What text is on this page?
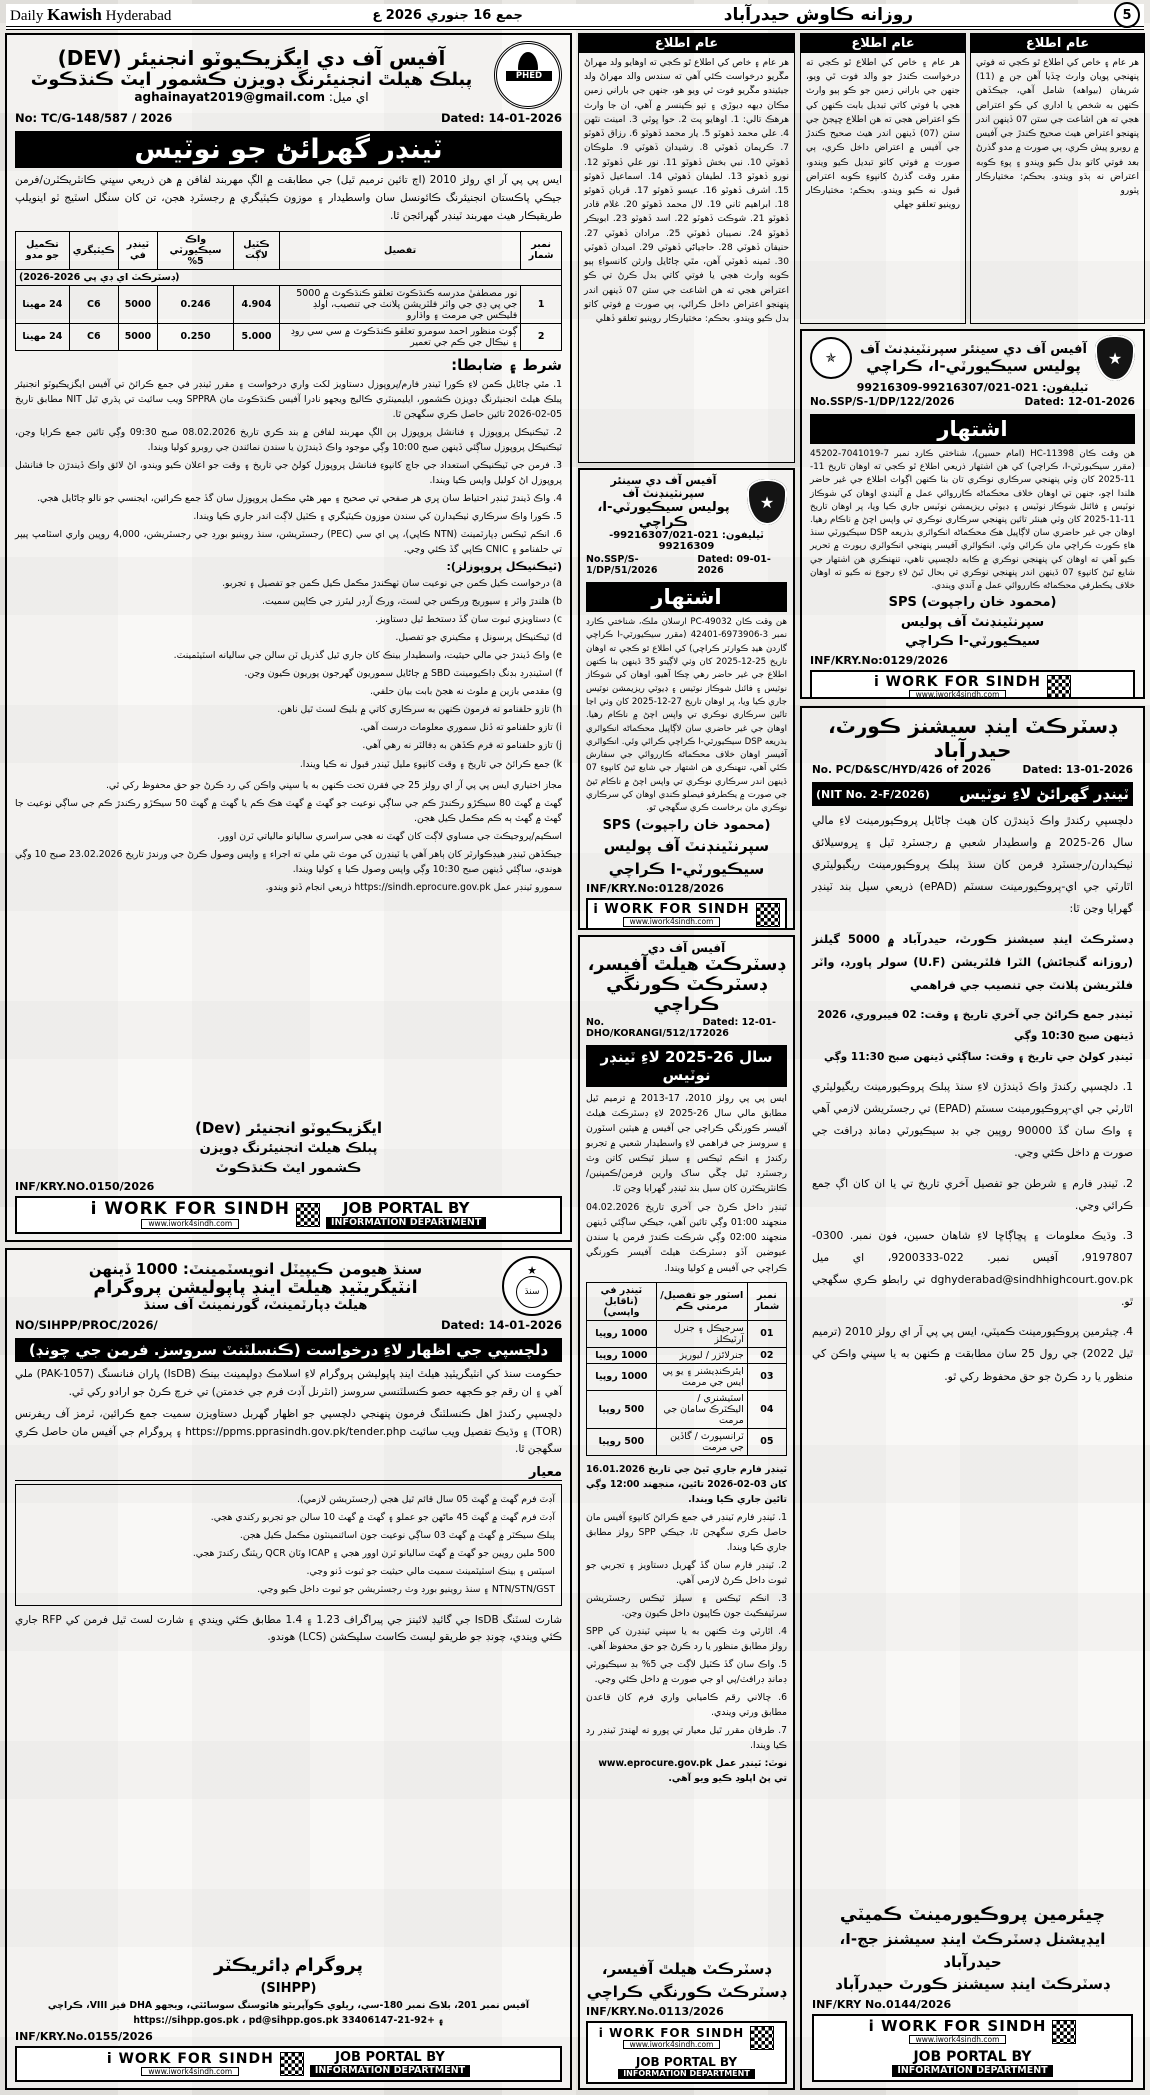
Daily Kawish Hyderabad	جمع 16 جنوري 2026 ع	روزانه ڪاوش حيدرآباد	5
PHED
آفيس آف دي ايگزيڪيوٽو انجنيئر (DEV)
پبلڪ هيلٿ انجنيئرنگ ڊويزن ڪشمور ايٽ ڪنڌڪوٽ
اي ميل: aghainayat2019@gmail.com
No: TC/G-148/587 / 2026	Dated: 14-01-2026
ٽينڊر گهرائڻ جو نوٽيس
ايس پي پي آر اي رولز 2010 (اڄ تائين ترميم ٿيل) جي مطابقت ۾ الڳ مهربند لفافن ۾ هن ذريعي سڀني ڪانٽريڪٽرن/فرمن جيڪي پاڪستان انجنيئرنگ ڪائونسل سان واسطيدار ۽ موزون ڪيٽيگري ۾ رجسٽرڊ هجن، تن کان سنگل اسٽيج ٽو اينويلپ طريقيڪار هيٺ مهربند ٽينڊر گهرائجن ٿا.
نمبر شمار	تفصيل	ڪٽيل لاڳت	واڪ سيڪيورٽي 5%	ٽينڊر في	ڪيٽيگري	تڪميل جو مدو
(ڊسٽرڪٽ اي ڊي پي 2026-2026)						
1	نور مصطفيٰ مدرسه ڪنڌڪوٽ تعلقو ڪنڌڪوٽ ۾ 5000 جي پي ڊي جي واٽر فلٽريشن پلانٽ جي تنصيب، اولڊ فليڪس جي مرمت ۽ واڌارو	4.904	0.246	5000	C6	24 مهينا
2	ڳوٺ منظور احمد سومرو تعلقو ڪنڌڪوٽ ۾ سي سي روڊ ۽ نيڪال جي ڪم جي تعمير	5.000	0.250	5000	C6	24 مهينا
شرط ۽ ضابطا:
1. مٿي ڄاڻايل ڪمن لاءِ ڪورا ٽينڊر فارم/پروپوزل دستاويز لکت واري درخواست ۽ مقرر ٽينڊر في جمع ڪرائڻ تي آفيس ايگزيڪيوٽو انجنيئر پبلڪ هيلٿ انجنيئرنگ ڊويزن ڪشمور، ايليمينٽري ڪاليج ويجهو نادرا آفيس ڪنڌڪوٽ مان SPPRA ويب سائيٽ تي پڌري ٿيل NIT مطابق تاريخ 05-02-2026 تائين حاصل ڪري سگهجن ٿا.
2. ٽيڪنيڪل پروپوزل ۽ فنانشل پروپوزل ٻن الڳ مهربند لفافن ۾ بند ڪري تاريخ 08.02.2026 صبح 09:30 وڳي تائين جمع ڪرايا وڃن، ٽيڪنيڪل پروپوزل ساڳئي ڏينهن صبح 10:00 وڳي موجود واڪ ڏيندڙن يا سندن نمائندن جي روبرو کوليا ويندا.
3. فرمن جي ٽيڪنيڪي استعداد جي جاچ کانپوءِ فنانشل پروپوزل کولڻ جي تاريخ ۽ وقت جو اعلان ڪيو ويندو، اڻ لائق واڪ ڏيندڙن جا فنانشل پروپوزل اڻ کوليل واپس ڪيا ويندا.
4. واڪ ڏيندڙ ٽينڊر احتياط سان ڀري هر صفحي تي صحيح ۽ مهر هڻي مڪمل پروپوزل سان گڏ جمع ڪرائين، ايجنسي جو نالو ڄاڻايل هجي.
5. ڪورا واڪ سرڪاري ٺيڪيدارن کي سندن موزون ڪيٽيگري ۽ ڪٽيل لاڳت اندر جاري ڪيا ويندا.
6. انڪم ٽيڪس ڊپارٽمينٽ (NTN ڪاپي)، پي اي سي (PEC) رجسٽريشن، سنڌ روينيو بورڊ جي رجسٽريشن، 4,000 روپين واري اسٽامپ پيپر تي حلفنامو ۽ CNIC ڪاپي گڏ ڪئي وڃي.
(ٽيڪنيڪل پروپوزلز):
a) درخواست ڪيل ڪمن جي نوعيت سان ٺهڪندڙ مڪمل ڪيل ڪمن جو تفصيل ۽ تجربو.
b) هلندڙ واٽر ۽ سيوريج ورڪس جي لسٽ، ورڪ آرڊر ليٽرز جي ڪاپين سميت.
c) دستاويزي ثبوت سان گڏ دستخط ٿيل دستاويز.
d) ٽيڪنيڪل پرسونل ۽ مڪينري جو تفصيل.
e) واڪ ڏيندڙ جي مالي حيثيت، واسطيدار بينڪ کان جاري ٿيل گذريل ٽن سالن جي ساليانه اسٽيٽمينٽ.
f) اسٽينڊرڊ بڊنگ ڊاڪيومينٽ SBD ۾ ڄاڻايل سموريون گهرجون پوريون ڪيون وڃن.
g) مقدمي بازين ۾ ملوث نه هجڻ بابت بيان حلفي.
h) تازو حلفنامو ته فرمون ڪنهن به سرڪاري کاتي ۾ بليڪ لسٽ ٿيل ناهن.
i) تازو حلفنامو ته ڏنل سموري معلومات درست آهي.
j) تازو حلفنامو ته فرم ڪڏهن به ڊفالٽر نه رهي آهي.
k) جمع ڪرائڻ جي تاريخ ۽ وقت کانپوءِ مليل ٽينڊر قبول نه ڪيا ويندا.
مجاز اختياري ايس پي پي آر اي رولز 25 جي فقرن تحت ڪنهن به يا سڀني واڪن کي رد ڪرڻ جو حق محفوظ رکي ٿي.
گهٽ ۾ گهٽ 80 سيڪڙو رڪندڙ ڪم جي ساڳي نوعيت جو گهٽ ۾ گهٽ هڪ ڪم يا گهٽ ۾ گهٽ 50 سيڪڙو رڪندڙ ڪم جي ساڳي نوعيت جا گهٽ ۾ گهٽ ٻه ڪم مڪمل ڪيل هجن.
اسڪيم/پروجيڪٽ جي مساوي لاڳت کان گهٽ نه هجي سراسري ساليانو مالياتي ٽرن اوور.
جيڪڏهن ٽينڊر هيڊڪوارٽر کان ٻاهر آهي يا ٽينڊرن کي موٽ نٿي ملي ته اجراء ۽ واپس وصول ڪرڻ جي ورندڙ تاريخ 23.02.2026 صبح 10 وڳي هوندي، ساڳئي ڏينهن صبح 10:30 وڳي واپس وصول ڪيا ۽ کوليا ويندا.
سمورو ٽينڊر عمل https://sindh.eprocure.gov.pk ذريعي انجام ڏنو ويندو.
ايگزيڪيوٽو انجنيئر (Dev)
پبلڪ هيلٿ انجنيئرنگ ڊويزن
ڪشمور ايٽ ڪنڌڪوٽ
INF/KRY.NO.0150/2026
i WORK FOR SINDH
www.iwork4sindh.com
JOB PORTAL BY
INFORMATION DEPARTMENT
عام اطلاع
هر عام ۽ خاص کي اطلاع ٿو ڪجي ته اوهايو ولد مهراڻ مڱريو درخواست ڪئي آهي ته سندس والد مهراڻ ولد جيئيندو مڱريو فوت ٿي ويو هو، جنهن جي باراني زمين مڪان ڊيهه ڊيوڙي ۽ تپو ڪينسر ۾ آهي، ان جا وارث هرهڪ تالي: 1. اوهايو پٽ 2. حوا ڀوٽي 3. امينت نٿهن 4. علي محمد ڏهوٽو 5. يار محمد ڏهوٽو 6. رزاق ڏهوٽو 7. ڪريمان ڏهوٽي 8. رشيدان ڏهوٽي 9. ملوڪان ڏهوٽي 10. نبي بخش ڏهوٽو 11. نور علي ڏهوٽو 12. نورو ڏهوٽو 13. لطيفان ڏهوٽي 14. اسماعيل ڏهوٽو 15. اشرف ڏهوٽو 16. عيسو ڏهوٽو 17. قربان ڏهوٽو 18. ابراهيم ثاني 19. لال محمد ڏهوٽو 20. غلام قادر ڏهوٽو 21. شوڪت ڏهوٽو 22. اسد ڏهوٽو 23. ابوبڪر ڏهوٽو 24. نصيبان ڏهوٽي 25. مرادان ڏهوٽي 27. حنيفان ڏهوٽي 28. حاجياڻي ڏهوٽي 29. اميدان ڏهوٽي 30. ثمينه ڏهوٽي آهن، مٿي ڄاڻايل وارثن کانسواءِ ٻيو ڪوبه وارث هجي يا فوتي کاتي بدل ڪرڻ تي ڪو اعتراض هجي ته هن اشاعت جي ستن 07 ڏينهن اندر پنهنجو اعتراض داخل ڪرائي، ٻي صورت ۾ فوتي کاتو بدل ڪيو ويندو. بحڪم: مختيارڪار روينيو تعلقو ڏهلي
عام اطلاع
هر عام ۽ خاص کي اطلاع ٿو ڪجي ته درخواست ڪندڙ جو والد فوت ٿي ويو، جنهن جي باراني زمين جو ڪو ٻيو وارث هجي يا فوتي کاتي تبديل بابت ڪنهن کي ڪو اعتراض هجي ته هن اطلاع ڇپجڻ جي ستن (07) ڏينهن اندر هيٺ صحيح ڪندڙ جي آفيس ۾ اعتراض داخل ڪري، ٻي صورت ۾ فوتي کاتو تبديل ڪيو ويندو، مقرر وقت گذرڻ کانپوءِ ڪوبه اعتراض قبول نه ڪيو ويندو. بحڪم: مختيارڪار روينيو تعلقو جهلي
عام اطلاع
هر عام ۽ خاص کي اطلاع ٿو ڪجي ته فوتي پنهنجي پويان وارث ڇڏيا آهن جن ۾ (11) شريفان (بيواهه) شامل آهي، جيڪڏهن ڪنهن به شخص يا اداري کي ڪو اعتراض هجي ته هن اشاعت جي ستن 07 ڏينهن اندر پنهنجو اعتراض هيٺ صحيح ڪندڙ جي آفيس ۾ روبرو پيش ڪري، ٻي صورت ۾ مدو گذرڻ بعد فوتي کاتو بدل ڪيو ويندو ۽ پوءِ ڪوبه اعتراض نه ٻڌو ويندو. بحڪم: مختيارڪار پٽورو
★
آفيس آف دي سينئر سپرنٽينڊنٽ آف
پوليس سيڪيورٽي-I، ڪراچي
ٽيليفون: 021-99216307/021-99216309
No.SSP/S-1/DP/51/2026
Dated: 09-01-2026
اشتهار
هن وقت ڪان PC-49032 ارسلان ملڪ، شناختي ڪارڊ نمبر 3-6973906-42401 (مقرر سيڪيورٽي-I ڪراچي گاردن هيڊ ڪوارٽر ڪراچي) کي اطلاع ٿو ڪجي ته اوهان تاريخ 25-12-2025 کان وٺي لاڳيتو 35 ڏينهن بنا ڪنهن اطلاع جي غير حاضر رهي چڪا آهيو، اوهان کي شوڪاز نوٽيس ۽ فائنل شوڪاز نوٽيس ۽ ڊيوٽي ريزيمشن نوٽيس جاري ڪيا ويا، پر اوهان تاريخ 27-12-2025 کان وٺي اڃا تائين سرڪاري نوڪري تي واپس اچڻ ۾ ناڪام رهيا. اوهان جي غير حاضري سان لاڳاپيل محڪماڻه انڪوائري بذريعه DSP سيڪيورٽي-I ڪراچي ڪرائي وئي. انڪوائري آفيسر اوهان خلاف محڪماڻه ڪارروائي جي سفارش ڪئي آهي، تنهنڪري هن اشتهار جي شايع ٿيڻ کانپوءِ 07 ڏينهن اندر سرڪاري نوڪري تي واپس اچڻ ۾ ناڪام ٿيڻ جي صورت ۾ يڪطرفو فيصلو ڪندي اوهان کي سرڪاري نوڪري مان برخاست ڪري سگهجي ٿو.
(محمود خان راجپوت) SPS
سپرنٽينڊنٽ آف پوليس
سيڪيورٽي-I ڪراچي
INF/KRY.No:0128/2026
i WORK FOR SINDH
www.iwork4sindh.com
★
آفيس آف دي سينئر سپرنٽينڊنٽ آف
پوليس سيڪيورٽي-I، ڪراچي
✯
ٽيليفون: 021-99216307/021-99216309
No.SSP/S-1/DP/122/2026	Dated: 12-01-2026
اشتهار
هن وقت ڪان HC-11398 (امام حسين)، شناختي ڪارڊ نمبر 7-7041019-45202 (مقرر سيڪيورٽي-I، ڪراچي) کي هن اشتهار ذريعي اطلاع ٿو ڪجي ته اوهان تاريخ 11-11-2025 کان وٺي پنهنجي سرڪاري نوڪري تان بنا ڪنهن اڳواٽ اطلاع جي غير حاضر هلندا اچو، جنهن تي اوهان خلاف محڪماڻه ڪارروائي عمل ۾ آئيندي اوهان کي شوڪاز نوٽيس ۽ فائنل شوڪاز نوٽيس ۽ ڊيوٽي ريزيمشن نوٽيس جاري ڪيا ويا، پر اوهان تاريخ 11-11-2025 کان وٺي هينئر تائين پنهنجي سرڪاري نوڪري تي واپس اچڻ ۾ ناڪام رهيا. اوهان جي غير حاضري سان لاڳاپيل هڪ محڪماڻه انڪوائري بذريعه DSP سيڪيورٽي سنڌ هاءِ ڪورٽ ڪراچي مان ڪرائي وئي. انڪوائري آفيسر پنهنجي انڪوائري رپورٽ ۾ تحرير ڪيو آهي ته اوهان کي پنهنجي نوڪري ۾ ڪابه دلچسپي ناهي، تنهنڪري هن اشتهار جي شايع ٿيڻ کانپوءِ 07 ڏينهن اندر پنهنجي نوڪري تي بحال ٿيڻ لاءِ رجوع نه ڪيو ته اوهان خلاف يڪطرفي محڪماڻه ڪارروائي عمل ۾ آندي ويندي.
(محمود خان راجپوت) SPS
سپرنٽينڊنٽ آف پوليس
سيڪيورٽي-I ڪراچي
INF/KRY.No:0129/2026
i WORK FOR SINDH
www.iwork4sindh.com
آفيس آف دي
ڊسٽرڪٽ هيلٿ آفيسر،
ڊسٽرڪٽ ڪورنگي ڪراچي
No. DHO/KORANGI/512/17
Dated: 12-01-2026
سال 26-2025 لاءِ ٽينڊر نوٽيس
ايس پي پي رولز 2010، 17-2013 ۾ ترميم ٿيل مطابق مالي سال 26-2025 لاءِ ڊسٽرڪٽ هيلٿ آفيسر ڪورنگي ڪراچي جي آفيس ۾ هيٺين اسٽورن ۽ سروسز جي فراهمي لاءِ واسطيدار شعبي ۾ تجربو رکندڙ ۽ انڪم ٽيڪس ۽ سيلز ٽيڪس کاتن وٽ رجسٽرڊ ٿيل چڱي ساک وارين فرمن/ڪمپنين/ڪانٽريڪٽرن کان سيل بند ٽينڊر گهرايا وڃن ٿا.
ٽينڊر داخل ڪرڻ جي آخري تاريخ 04.02.2026 منجهند 01:00 وڳي تائين آهي، جيڪي ساڳئي ڏينهن منجهند 02:00 وڳي شرڪت ڪندڙ فرمن يا سندن عيوضين آڏو ڊسٽرڪٽ هيلٿ آفيسر ڪورنگي ڪراچي جي آفيس ۾ کوليا ويندا.
نمبر شمار	اسٽور جو تفصيل/مرمتي ڪم	ٽينڊر في (ناقابل واپسي)
01	سرجيڪل ۽ جنرل آرٽيڪلز	1000 روپيا
02	جنرلائزر / ليوريز	1000 روپيا
03	ايئرڪنڊيشنر ۽ يو پي ايس جي مرمت	1000 روپيا
04	اسٽيشنري / اليڪٽرڪ سامان جي مرمت	500 روپيا
05	ٽرانسپورٽ / گاڏين جي مرمت	500 روپيا
ٽينڊر فارم جاري ٿيڻ جي تاريخ 16.01.2026 کان 03-02-2026 تائين، منجهند 12:00 وڳي تائين جاري ڪيا ويندا.
1. ٽينڊر فارم ٽينڊر في جمع ڪرائڻ کانپوءِ آفيس مان حاصل ڪري سگهجن ٿا، جيڪي SPP رولز مطابق جاري ڪيا ويندا.
2. ٽينڊر فارم سان گڏ گهربل دستاويز ۽ تجربي جو ثبوت داخل ڪرڻ لازمي آهي.
3. انڪم ٽيڪس ۽ سيلز ٽيڪس رجسٽريشن سرٽيفڪيٽ جون ڪاپيون داخل ڪيون وڃن.
4. اٿارٽي وٽ ڪنهن به يا سڀني ٽينڊرن کي SPP رولز مطابق منظور يا رد ڪرڻ جو حق محفوظ آهي.
5. واڪ سان گڏ ڪٽيل لاڳت جي 5% بڊ سيڪيورٽي ڊمانڊ ڊرافٽ/پي او جي صورت ۾ داخل ڪئي وڃي.
6. چالاني رقم ڪاميابي واري فرم کان قاعدن مطابق ورتي ويندي.
7. طرفان مقرر ٿيل معيار تي پورو نه لهندڙ ٽينڊر رد ڪيا ويندا.
نوٽ: ٽينڊر عمل www.eprocure.gov.pk تي پڻ اپلوڊ ڪيو ويو آهي.
ڊسٽرڪٽ هيلٿ آفيسر،
ڊسٽرڪٽ ڪورنگي ڪراچي
INF/KRY.No.0113/2026
i WORK FOR SINDH
www.iwork4sindh.com
JOB PORTAL BY
INFORMATION DEPARTMENT
ڊسٽرڪٽ اينڊ سيشنز ڪورٽ،
حيدرآباد
No. PC/D&SC/HYD/426 of 2026	Dated: 13-01-2026
ٽينڊر گهرائڻ لاءِ نوٽيس
(NIT No. 2-F/2026)
دلچسپي رکندڙ واڪ ڏيندڙن کان هيٺ ڄاڻايل پروڪيورمينٽ لاءِ مالي سال 26-2025 ۾ واسطيدار شعبي ۾ رجسٽرڊ ٿيل ۽ ڀروسيلائق ٺيڪيدارن/رجسٽرڊ فرمن کان سنڌ پبلڪ پروڪيورمينٽ ريگيوليٽري اٿارٽي جي اي-پروڪيورمينٽ سسٽم (ePAD) ذريعي سيل بند ٽينڊر گهرايا وڃن ٿا:
ڊسٽرڪٽ اينڊ سيشنز ڪورٽ، حيدرآباد ۾ 5000 گيلنز (روزانه گنجائش) الٽرا فلٽريشن (U.F) سولر پاورڊ، واٽر فلٽريشن پلانٽ جي تنصيب جي فراهمي
ٽينڊر جمع ڪرائڻ جي آخري تاريخ ۽ وقت: 02 فيبروري، 2026 ڏينهن صبح 10:30 وڳي
ٽينڊر کولڻ جي تاريخ ۽ وقت: ساڳئي ڏينهن صبح 11:30 وڳي
1. دلچسپي رکندڙ واڪ ڏيندڙن لاءِ سنڌ پبلڪ پروڪيورمينٽ ريگيوليٽري اٿارٽي جي اي-پروڪيورمينٽ سسٽم (EPAD) تي رجسٽريشن لازمي آهي ۽ واڪ سان گڏ 90000 روپين جي بڊ سيڪيورٽي ڊمانڊ ڊرافٽ جي صورت ۾ داخل ڪئي وڃي.
2. ٽينڊر فارم ۽ شرطن جو تفصيل آخري تاريخ تي يا ان کان اڳ جمع ڪرائي وڃي.
3. وڌيڪ معلومات ۽ پڇاڳاڇا لاءِ شاهان حسين، فون نمبر. 0300-9197807، آفيس نمبر. 022-9200333، اي ميل dghyderabad@sindhhighcourt.gov.pk تي رابطو ڪري سگهجي ٿو.
4. چيئرمين پروڪيورمينٽ ڪميٽي، ايس پي پي آر اي رولز 2010 (ترميم ٿيل 2022) جي رول 25 سان مطابقت ۾ ڪنهن به يا سڀني واڪن کي منظور يا رد ڪرڻ جو حق محفوظ رکي ٿو.
چيئرمين پروڪيورمينٽ ڪميٽي
ايڊيشنل ڊسٽرڪٽ اينڊ سيشنز جج-I، حيدرآباد
ڊسٽرڪٽ اينڊ سيشنز ڪورٽ حيدرآباد
INF/KRY No.0144/2026
i WORK FOR SINDH
www.iwork4sindh.com
JOB PORTAL BY
INFORMATION DEPARTMENT
★
سنڌ
سنڌ هيومن ڪيپيٽل انويسٽمينٽ: 1000 ڏينهن
انٽيگريٽيڊ هيلٿ اينڊ پاپوليشن پروگرام
هيلٿ ڊپارٽمينٽ، گورنمينٽ آف سنڌ
NO/SIHPP/PROC/2026/	Dated: 14-01-2026
دلچسپي جي اظهار لاءِ درخواست (ڪنسلٽنٽ سروسز. فرمن جي چونڊ)
حڪومت سنڌ کي انٽيگريٽيڊ هيلٿ اينڊ پاپوليشن پروگرام لاءِ اسلامڪ ڊولپمينٽ بينڪ (IsDB) پاران فنانسنگ (PAK-1057) ملي آهي ۽ ان رقم جو ڪجهه حصو ڪنسلٽنسي سروسز (انٽرنل آڊٽ فرم جي خدمتن) تي خرچ ڪرڻ جو ارادو رکي ٿي.
دلچسپي رکندڙ اهل ڪنسلٽنگ فرمون پنهنجي دلچسپي جو اظهار گهربل دستاويزن سميت جمع ڪرائين، ٽرمز آف ريفرنس (TOR) ۽ وڌيڪ تفصيل ويب سائيٽ https://ppms.pprasindh.gov.pk/tender.php ۽ پروگرام جي آفيس مان حاصل ڪري سگهجن ٿا.
معيار
آڊٽ فرم گهٽ ۾ گهٽ 05 سال قائم ٿيل هجي (رجسٽريشن لازمي).
آڊٽ فرم گهٽ ۾ گهٽ 45 ماڻهن جو عملو ۽ گهٽ ۾ گهٽ 10 سالن جو تجربو رکندي هجي.
پبلڪ سيڪٽر ۾ گهٽ ۾ گهٽ 03 ساڳي نوعيت جون اسائنمينٽون مڪمل ڪيل هجن.
500 ملين روپين جو گهٽ ۾ گهٽ ساليانو ٽرن اوور هجي ۽ ICAP وٽان QCR ريٽنگ رکندڙ هجي.
اسيٽس ۽ بينڪ اسٽيٽمينٽ سميت مالي حيثيت جو ثبوت ڏنو وڃي.
NTN/STN/GST ۽ سنڌ روينيو بورڊ وٽ رجسٽريشن جو ثبوت داخل ڪيو وڃي.
شارٽ لسٽنگ IsDB جي گائيڊ لائينز جي پيراگراف 1.23 ۽ 1.4 مطابق ڪئي ويندي ۽ شارٽ لسٽ ٿيل فرمن کي RFP جاري ڪئي ويندي، چونڊ جو طريقو ليسٽ ڪاسٽ سليڪشن (LCS) هوندو.
پروگرام ڊائريڪٽر
(SIHPP)
آفيس نمبر 201، بلاڪ نمبر 180-سي، ريلوي ڪوآپريٽو هائوسنگ سوسائٽي، ويجهو DHA فيز VIII، ڪراچي
https://sihpp.gos.pk ، pd@sihpp.gos.pk ۽ +92-21-33406147
INF/KRY.No.0155/2026
i WORK FOR SINDH
www.iwork4sindh.com
JOB PORTAL BY
INFORMATION DEPARTMENT
